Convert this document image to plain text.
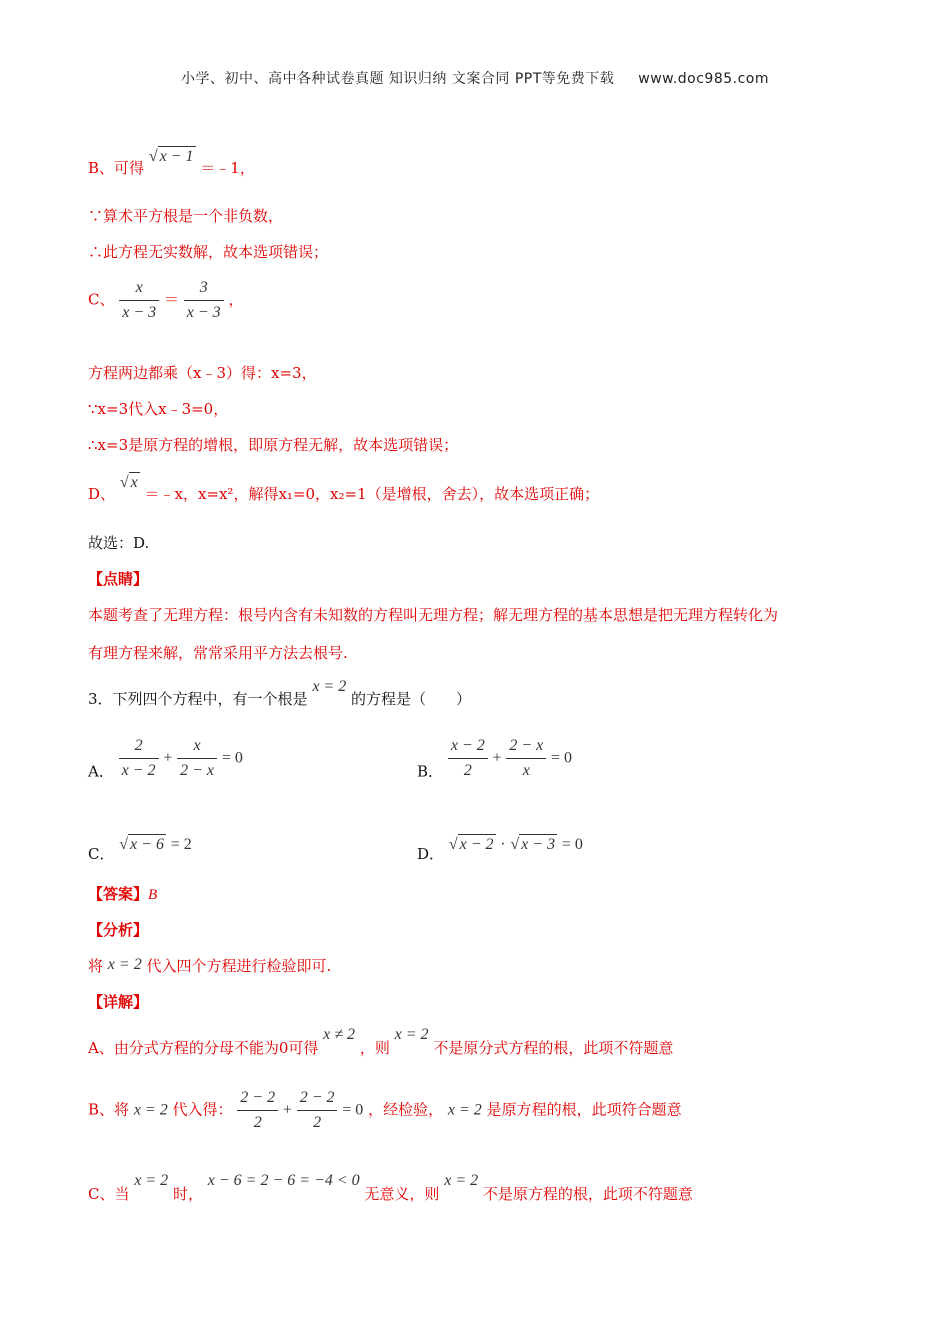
小学、初中、高中各种试卷真题 知识归纳 文案合同 PPT等免费下载 www.doc985.com
B、可得 √ x − 1 ＝﹣1，
∵算术平方根是一个非负数，
∴此方程无实数解，故本选项错误；
C、 $\frac{x}{x - 3} = \frac{3}{x - 3}$ ，
方程两边都乘（x﹣3）得：x=3，
∵x=3代入x﹣3=0，
∴x=3是原方程的增根，即原方程无解，故本选项错误；
D、 √ x ＝﹣x，x=x²，解得x₁=0，x₂=1（是增根，舍去），故本选项正确；
故选：D.
【点睛】
本题考查了无理方程：根号内含有未知数的方程叫无理方程；解无理方程的基本思想是把无理方程转化为
有理方程来解，常常采用平方法去根号.
3．下列四个方程中，有一个根是 x = 2 的方程是（　　）
A． $\frac{2}{x - 2} + \frac{x}{2 - x} = 0$
B． $\frac{x - 2}{2} + \frac{2 - x}{x} = 0$
C． √ x − 6 = 2
D． √ x − 2 · √ x − 3 = 0
【答案】B
【分析】
将 x = 2 代入四个方程进行检验即可.
【详解】
A、由分式方程的分母不能为0可得 x ≠ 2 ，则 x = 2 不是原分式方程的根，此项不符题意
B、将 x = 2 代入得： $\frac{2 - 2}{2} + \frac{2 - 2}{2} = 0$ ，经检验， x = 2 是原方程的根，此项符合题意
C、当 x = 2 时， x − 6 = 2 − 6 = −4 < 0 无意义，则 x = 2 不是原方程的根，此项不符题意
